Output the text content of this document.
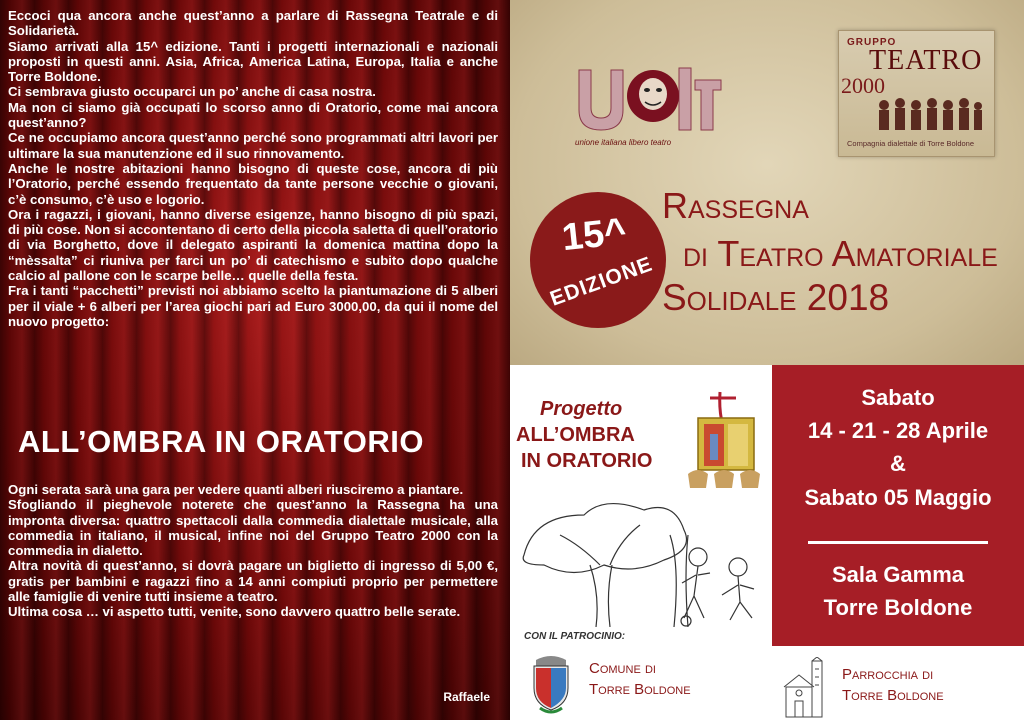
Eccoci qua ancora anche quest’anno a parlare di Rassegna Teatrale e di Solidarietà.

Siamo arrivati alla 15^ edizione. Tanti i progetti internazionali e nazionali proposti in questi anni. Asia, Africa, America Latina, Europa, Italia e anche Torre Boldone.

Ci sembrava giusto occuparci un po’ anche di casa nostra.

Ma non ci siamo già occupati lo scorso anno di Oratorio, come mai ancora quest’anno?

Ce ne occupiamo ancora quest’anno perché sono programmati altri lavori per ultimare la sua manutenzione ed il suo rinnovamento.

Anche le nostre abitazioni hanno bisogno di queste cose, ancora di più l’Oratorio, perché essendo frequentato da tante persone vecchie o giovani, c’è consumo, c’è uso e logorio.

Ora i ragazzi, i giovani, hanno diverse esigenze, hanno bisogno di più spazi, di più cose. Non si accontentano di certo della piccola saletta di quell’oratorio di via Borghetto, dove il delegato aspiranti la domenica mattina dopo la “mèssalta” ci riuniva per farci un po’ di catechismo e subito dopo qualche calcio al pallone con le scarpe belle… quelle della festa.

Fra i tanti “pacchetti” previsti noi abbiamo scelto la piantumazione di 5 alberi per il viale + 6 alberi per l’area giochi pari ad Euro 3000,00, da qui il nome del nuovo progetto:

ALL’OMBRA IN ORATORIO

Ogni serata sarà una gara per vedere quanti alberi riusciremo a piantare.

Sfogliando il pieghevole noterete che quest’anno la Rassegna ha una impronta diversa: quattro spettacoli dalla commedia dialettale musicale, alla commedia in italiano, il musical, infine noi del Gruppo Teatro 2000 con la commedia in dialetto.

Altra novità di quest’anno, si dovrà pagare un biglietto di ingresso di 5,00 €, gratis per bambini e ragazzi fino a 14 anni compiuti proprio per permettere alle famiglie di venire tutti insieme a teatro.

Ultima cosa … vi aspetto tutti, venite, sono davvero quattro belle serate.

Raffaele
unione italiana libero teatro
GRUPPO
TEATRO
2000
Compagnia dialettale di Torre Boldone
15^
EDIZIONE
Rassegna
di Teatro Amatoriale
Solidale 2018
Progetto
ALL’OMBRA
IN ORATORIO
CON IL PATROCINIO:
Comune di
Torre Boldone
Sabato
14 - 21 - 28 Aprile
&
Sabato 05 Maggio
Sala Gamma
Torre Boldone
Parrocchia di
Torre Boldone
